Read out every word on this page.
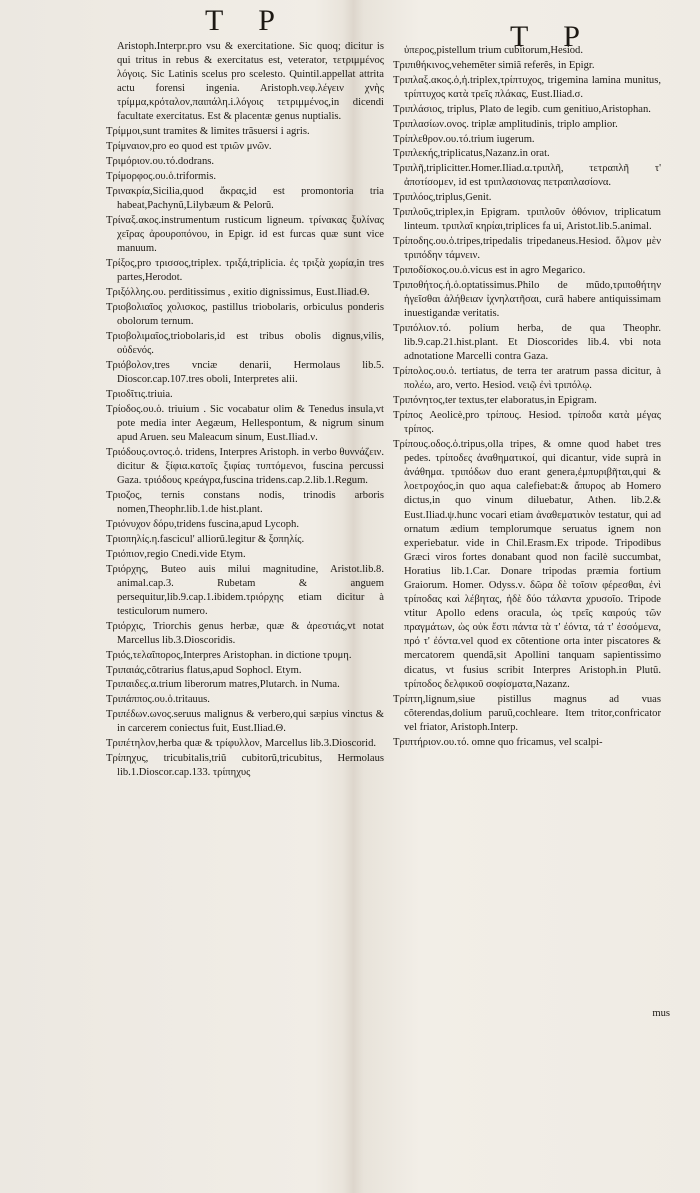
T P	T P

Aristoph.Interpr.pro vsu & exercitatione. Sic quoq; dicitur is qui tritus in rebus & exercitatus est, veterator, τετριμμένος λόγοις. Sic Latinis scelus pro scelesto. Quintil.appellat attrita actu forensi ingenia. Aristoph.νεφ.λέγειν χνὴς τρίμμα,κρόταλον,παιπάλη.i.λόγοις τετριμμένος,in dicendi facultate exercitatus. Est & placentæ genus nuptialis.

Τρίμμοι,sunt tramites & limites trãsuersi i agris.

Τρίμναιον,pro eo quod est τριῶν μνῶν.

Τριμόριον.ου.τό.dodrans.

Τρίμορφος.ου.ὁ.triformis.

Τρινακρία,Sicilia,quod ἄκρας,id est promontoria tria habeat,Pachynũ,Lilybæum & Pelorũ.

Τρίναξ.ακος.instrumentum rusticum ligneum. τρίνακας ξυλίνας χεῖρας ἀρουροπόνου, in Epigr. id est furcas quæ sunt vice manuum.

Τρίξος,pro τρισσος,triplex. τριξά,triplicia. ἐς τριξὰ χωρία,in tres partes,Herodot.

Τριξόλλης.ου. perditissimus , exitio dignissimus, Eust.Iliad.Θ.

Τριοβολιαῖος χολισκος, pastillus triobolaris, orbiculus ponderis obolorum ternum.

Τριοβολιμαῖος,triobolaris,id est tribus obolis dignus,vilis, οὐδενός.

Τριόβολον,tres vnciæ denarii, Hermolaus lib.5. Dioscor.cap.107.tres oboli, Interpretes alii.

Τριοδῖτις.triuia.

Τρίοδος.ου.ὁ. triuium . Sic vocabatur olim & Tenedus insula,vt pote media inter Aegæum, Hellespontum, & nigrum sinum apud Aruen. seu Maleacum sinum, Eust.Iliad.ν.

Τριόδους.οντος.ὁ. tridens, Interpres Aristoph. in verbo θυννάζειν. dicitur & ξίφια.κατοῖς ξιφίας τυπτόμενοι, fuscina percussi Gaza. τριόδους κρεάγρα,fuscina tridens.cap.2.lib.1.Regum.

Τριοζος, ternis constans nodis, trinodis arboris nomen,Theophr.lib.1.de hist.plant.

Τριόνυχον δόρυ,tridens fuscina,apud Lycoph.

Τριοπηλίς.η.fascicul' alliorũ.legitur & ξοπηλίς.

Τριόπιον,regio Cnedi.vide Etym.

Τριόρχης, Buteo auis milui magnitudine, Aristot.lib.8. animal.cap.3. Rubetam & anguem persequitur,lib.9.cap.1.ibidem.τριόρχης etiam dicitur à testiculorum numero.

Τριόρχις, Triorchis genus herbæ, quæ & ἀρεστιάς,vt notat Marcellus lib.3.Dioscoridis.

Τριός,τελαῖπορος,Interpres Aristophan. in dictione τρυμη.

Τριπαιάς,cõtrarius flatus,apud Sophocl. Etym.

Τριπαιδες.α.trium liberorum matres,Plutarch. in Numa.

Τριπάππος.ου.ὁ.tritauus.

Τριπέδων.ωνος.seruus malignus & verbero,qui sæpius vinctus & in carcerem coniectus fuit, Eust.Iliad.Θ.

Τριπέτηλον,herba quæ & τρίφυλλον, Marcellus lib.3.Dioscorid.

Τρίπηχυς, tricubitalis,triũ cubitorũ,tricubitus, Hermolaus lib.1.Dioscor.cap.133. τρίπηχυς

ὑπερος,pistellum trium cubitorum,Hesiod.

Τριπιθήκινος,vehemẽter simiã referẽs, in Epigr.

Τριπλαξ.ακος.ὁ,ἡ.triplex,τρίπτυχος, trigemina lamina munitus, τρίπτυχος κατὰ τρεῖς πλάκας, Eust.Iliad.σ.

Τριπλάσιος, triplus, Plato de legib. cum genitiuo,Aristophan.

Τριπλασίων.ονος. triplæ amplitudinis, triplo amplior.

Τρίπλεθρον.ου.τό.trium iugerum.

Τριπλεκής,triplicatus,Nazanz.in orat.

Τριπλῆ,triplicitter.Homer.Iliad.α.τριπλῆ, τετραπλῆ τ' ἀποτίσομεν, id est τριπλασιονας πετραπλασίονα.

Τριπλόος,triplus,Genit.

Τριπλοῦς,triplex,in Epigram. τριπλοῦν ὀθόνιον, triplicatum linteum. τριπλαῖ κηρίαι,triplices fa ui, Aristot.lib.5.animal.

Τρίποδης.ου.ὁ.tripes,tripedalis tripedaneus.Hesiod. ὅλμον μὲν τριπόδην τάμνειν.

Τριποδίσκος.ου.ὁ.vicus est in agro Megarico.

Τριποθήτος.ἡ.ὁ.optatissimus.Philo de mũdo,τριποθήτην ἡγεῖσθαι ἀλήθειαν ἰχνηλατῆσαι, curã habere antiquissimam inuestigandæ veritatis.

Τριπόλιον.τό. polium herba, de qua Theophr. lib.9.cap.21.hist.plant. Et Dioscorides lib.4. vbi nota adnotatione Marcelli contra Gaza.

Τρίπολος.ου.ὁ. tertiatus, de terra ter aratrum passa dicitur, à πολέω, aro, verto. Hesiod. νειῷ ἐνὶ τριπόλῳ.

Τριπόνητος,ter textus,ter elaboratus,in Epigram.

Τρίπος Aeolicè,pro τρίπους. Hesiod. τρίποδα κατὰ μέγας τρίπος.

Τρίπους.οδος.ὁ.tripus,olla tripes, & omne quod habet tres pedes. τρίποδες ἀναθηματικοί, qui dicantur, vide suprà in ἀνάθημα. τριπόδων duo erant genera,ἐμπυριβῆται,qui & λοετροχόος,in quo aqua calefiebat:& ἄπυρος ab Homero dictus,in quo vinum diluebatur, Athen. lib.2.& Eust.Iliad.ψ.hunc vocari etiam ἀναθεματικὸν testatur, qui ad ornatum ædium templorumque seruatus ignem non experiebatur. vide in Chil.Erasm.Ex tripode. Tripodibus Græci viros fortes donabant quod non facilè succumbat, Horatius lib.1.Car. Donare tripodas præmia fortium Graiorum. Homer. Odyss.ν. δῶρα δὲ τοῖσιν φέρεσθαι, ἐνὶ τρίποδας καὶ λέβητας, ἠδὲ δύο τάλαντα χρυσοῖο. Tripode vtitur Apollo edens oracula, ὡς τρεῖς καιρούς τῶν πραγμάτων, ὡς οὐκ ἔστι πάντα τὰ τ' ἐόντα, τά τ' ἐσσόμενα, πρό τ' ἐόντα.vel quod ex cõtentione orta inter piscatores & mercatorem quendã,sit Apollini tanquam sapientissimo dicatus, vt fusius scribit Interpres Aristoph.in Plutũ. τρίποδος δελφικοῦ σοφίσματα,Nazanz.

Τρίπτη,lignum,siue pistillus magnus ad vuas cõterendas,dolium paruũ,cochleare. Item tritor,confricator vel friator, Aristoph.Interp.

Τριπτήριον.ου.τό. omne quo fricamus, vel scalpi-

mus
